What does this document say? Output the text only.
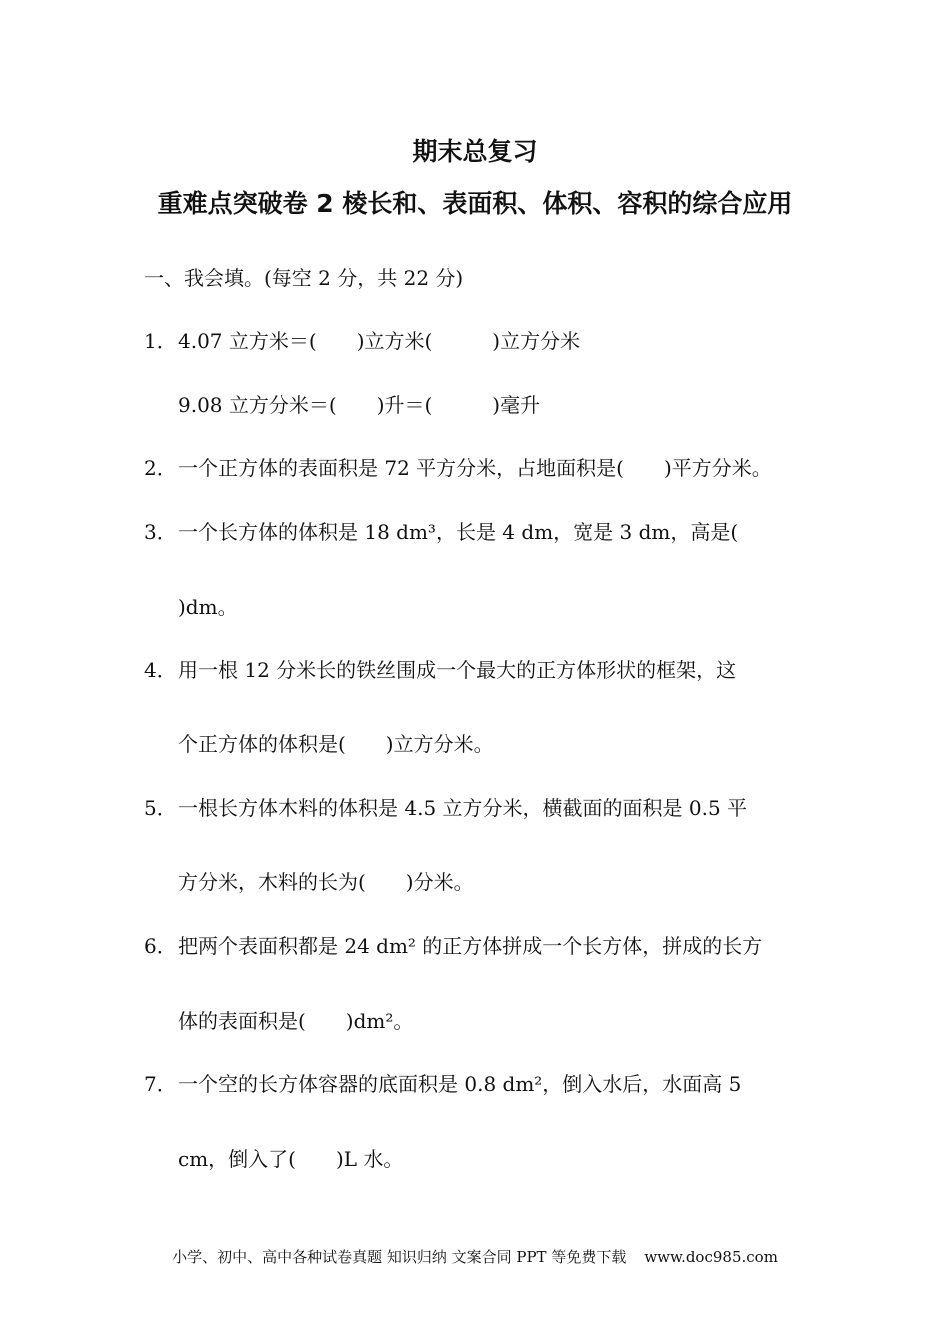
期末总复习
重难点突破卷 2 棱长和、表面积、体积、容积的综合应用
一、我会填。(每空 2 分，共 22 分)
1．4.07 立方米＝(　　)立方米(　　　)立方分米
9.08 立方分米＝(　　)升＝(　　　)毫升
2．一个正方体的表面积是 72 平方分米，占地面积是(　　)平方分米。
3．一个长方体的体积是 18 dm³，长是 4 dm，宽是 3 dm，高是(
)dm。
4．用一根 12 分米长的铁丝围成一个最大的正方体形状的框架，这
个正方体的体积是(　　)立方分米。
5．一根长方体木料的体积是 4.5 立方分米，横截面的面积是 0.5 平
方分米，木料的长为(　　)分米。
6．把两个表面积都是 24 dm² 的正方体拼成一个长方体，拼成的长方
体的表面积是(　　)dm²。
7．一个空的长方体容器的底面积是 0.8 dm²，倒入水后，水面高 5
cm，倒入了(　　)L 水。
小学、初中、高中各种试卷真题 知识归纳 文案合同 PPT 等免费下载 www.doc985.com
